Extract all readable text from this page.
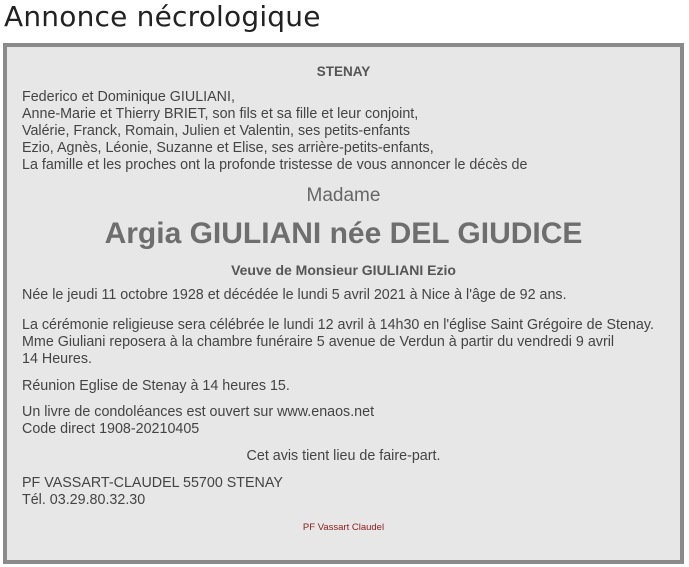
Annonce nécrologique
STENAY
Federico et Dominique GIULIANI,
Anne-Marie et Thierry BRIET, son fils et sa fille et leur conjoint,
Valérie, Franck, Romain, Julien et Valentin, ses petits-enfants
Ezio, Agnès, Léonie, Suzanne et Elise, ses arrière-petits-enfants,
La famille et les proches ont la profonde tristesse de vous annoncer le décès de
Madame
Argia GIULIANI née DEL GIUDICE
Veuve de Monsieur GIULIANI Ezio
Née le jeudi 11 octobre 1928 et décédée le lundi 5 avril 2021 à Nice à l'âge de 92 ans.
La cérémonie religieuse sera célébrée le lundi 12 avril à 14h30 en l'église Saint Grégoire de Stenay.
Mme Giuliani reposera à la chambre funéraire 5 avenue de Verdun à partir du vendredi 9 avril
14 Heures.
Réunion Eglise de Stenay à 14 heures 15.
Un livre de condoléances est ouvert sur www.enaos.net
Code direct 1908-20210405
Cet avis tient lieu de faire-part.
PF VASSART-CLAUDEL 55700 STENAY
Tél. 03.29.80.32.30
PF Vassart Claudel
